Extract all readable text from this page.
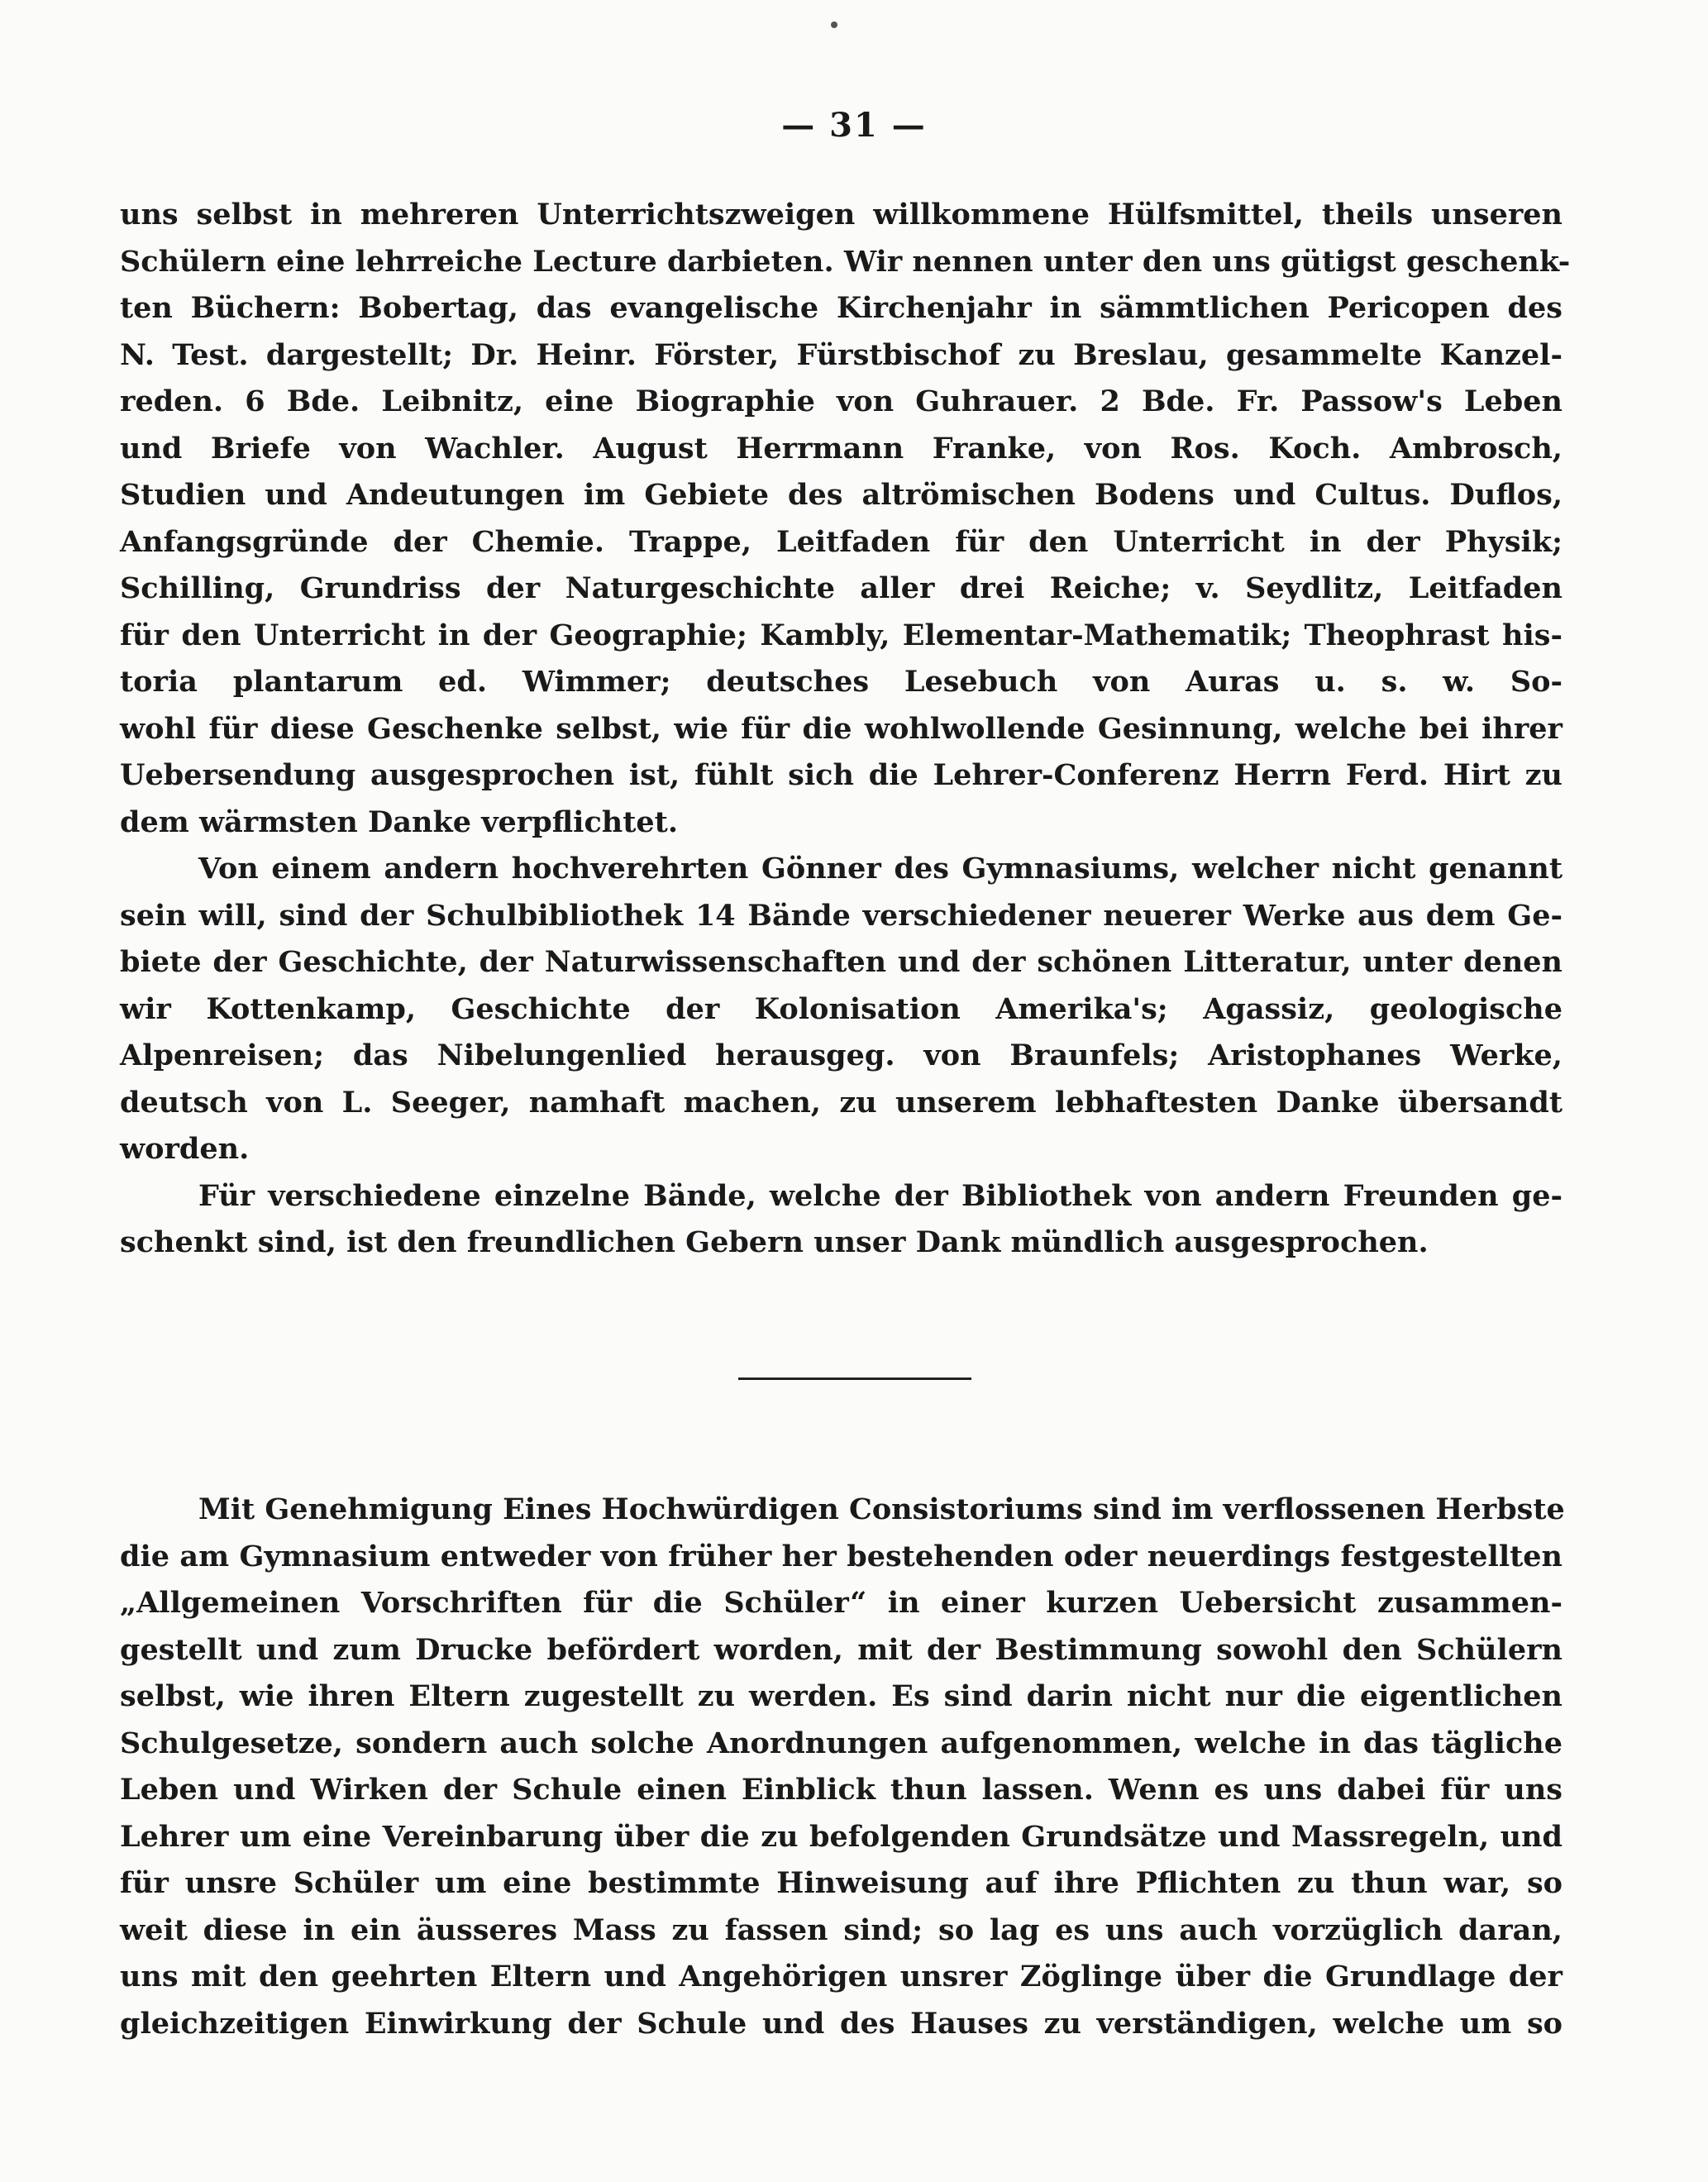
— 31 —
uns selbst in mehreren Unterrichtszweigen willkommene Hülfsmittel, theils unseren
Schülern eine lehrreiche Lecture darbieten. Wir nennen unter den uns gütigst geschenk-
ten Büchern: Bobertag, das evangelische Kirchenjahr in sämmtlichen Pericopen des
N. Test. dargestellt; Dr. Heinr. Förster, Fürstbischof zu Breslau, gesammelte Kanzel-
reden. 6 Bde. Leibnitz, eine Biographie von Guhrauer. 2 Bde. Fr. Passow's Leben
und Briefe von Wachler. August Herrmann Franke, von Ros. Koch. Ambrosch,
Studien und Andeutungen im Gebiete des altrömischen Bodens und Cultus. Duflos,
Anfangsgründe der Chemie. Trappe, Leitfaden für den Unterricht in der Physik;
Schilling, Grundriss der Naturgeschichte aller drei Reiche; v. Seydlitz, Leitfaden
für den Unterricht in der Geographie; Kambly, Elementar-Mathematik; Theophrast his-
toria plantarum ed. Wimmer; deutsches Lesebuch von Auras u. s. w. So-
wohl für diese Geschenke selbst, wie für die wohlwollende Gesinnung, welche bei ihrer
Uebersendung ausgesprochen ist, fühlt sich die Lehrer-Conferenz Herrn Ferd. Hirt zu
dem wärmsten Danke verpflichtet.
Von einem andern hochverehrten Gönner des Gymnasiums, welcher nicht genannt
sein will, sind der Schulbibliothek 14 Bände verschiedener neuerer Werke aus dem Ge-
biete der Geschichte, der Naturwissenschaften und der schönen Litteratur, unter denen
wir Kottenkamp, Geschichte der Kolonisation Amerika's; Agassiz, geologische
Alpenreisen; das Nibelungenlied herausgeg. von Braunfels; Aristophanes Werke,
deutsch von L. Seeger, namhaft machen, zu unserem lebhaftesten Danke übersandt
worden.
Für verschiedene einzelne Bände, welche der Bibliothek von andern Freunden ge-
schenkt sind, ist den freundlichen Gebern unser Dank mündlich ausgesprochen.
Mit Genehmigung Eines Hochwürdigen Consistoriums sind im verflossenen Herbste
die am Gymnasium entweder von früher her bestehenden oder neuerdings festgestellten
„Allgemeinen Vorschriften für die Schüler“ in einer kurzen Uebersicht zusammen-
gestellt und zum Drucke befördert worden, mit der Bestimmung sowohl den Schülern
selbst, wie ihren Eltern zugestellt zu werden. Es sind darin nicht nur die eigentlichen
Schulgesetze, sondern auch solche Anordnungen aufgenommen, welche in das tägliche
Leben und Wirken der Schule einen Einblick thun lassen. Wenn es uns dabei für uns
Lehrer um eine Vereinbarung über die zu befolgenden Grundsätze und Massregeln, und
für unsre Schüler um eine bestimmte Hinweisung auf ihre Pflichten zu thun war, so
weit diese in ein äusseres Mass zu fassen sind; so lag es uns auch vorzüglich daran,
uns mit den geehrten Eltern und Angehörigen unsrer Zöglinge über die Grundlage der
gleichzeitigen Einwirkung der Schule und des Hauses zu verständigen, welche um so
